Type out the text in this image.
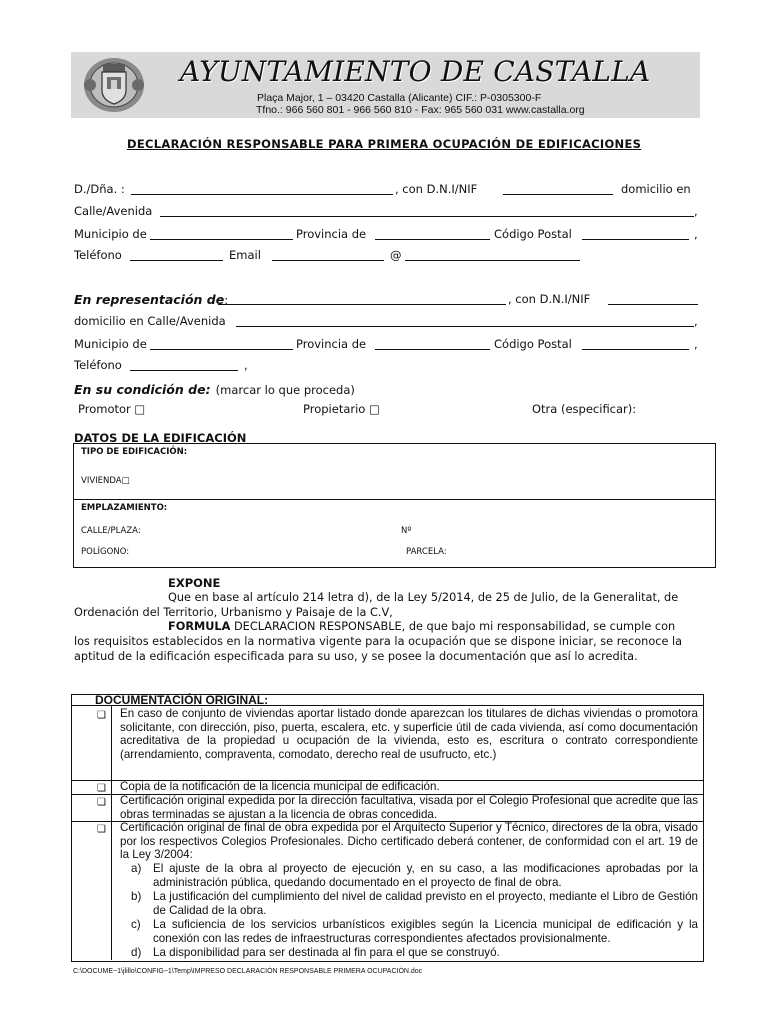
AYUNTAMIENTO DE CASTALLA
Plaça Major, 1 – 03420 Castalla (Alicante) CIF.: P-0305300-F
Tfno.: 966 560 801 - 966 560 810 - Fax: 965 560 031 www.castalla.org
DECLARACIÓN RESPONSABLE PARA PRIMERA OCUPACIÓN DE EDIFICACIONES
D./Dña. :	, con D.N.I/NIF	domicilio en
Calle/Avenida	,
Municipio de	Provincia de	Código Postal	,
Teléfono	Email	@
En representación de:	, con D.N.I/NIF
domicilio en Calle/Avenida	,
Municipio de	Provincia de	Código Postal	,
Teléfono	,
En su condición de: (marcar lo que proceda)
Promotor □	Propietario □	Otra (especificar):
DATOS DE LA EDIFICACIÓN
TIPO DE EDIFICACIÓN:
VIVIENDA□
EMPLAZAMIENTO:
CALLE/PLAZA:	Nº
POLÍGONO:	PARCELA:
EXPONE
Que en base al artículo 214 letra d), de la Ley 5/2014, de 25 de Julio, de la Generalitat, de
Ordenación del Territorio, Urbanismo y Paisaje de la C.V,
FORMULA DECLARACION RESPONSABLE, de que bajo mi responsabilidad, se cumple con
los requisitos establecidos en la normativa vigente para la ocupación que se dispone iniciar, se reconoce la
aptitud de la edificación especificada para su uso, y se posee la documentación que así lo acredita.
DOCUMENTACIÓN ORIGINAL:
❑ En caso de conjunto de viviendas aportar listado donde aparezcan los titulares de dichas viviendas o promotora solicitante, con dirección, piso, puerta, escalera, etc. y superficie útil de cada vivienda, así como documentación acreditativa de la propiedad u ocupación de la vivienda, esto es, escritura o contrato correspondiente (arrendamiento, compraventa, comodato, derecho real de usufructo, etc.)
❑ Copia de la notificación de la licencia municipal de edificación.
❑ Certificación original expedida por la dirección facultativa, visada por el Colegio Profesional que acredite que las obras terminadas se ajustan a la licencia de obras concedida.
❑ Certificación original de final de obra expedida por el Arquitecto Superior y Técnico, directores de la obra, visado por los respectivos Colegios Profesionales. Dicho certificado deberá contener, de conformidad con el art. 19 de la Ley 3/2004:
a)	El ajuste de la obra al proyecto de ejecución y, en su caso, a las modificaciones aprobadas por la administración pública, quedando documentado en el proyecto de final de obra.
b)	La justificación del cumplimiento del nivel de calidad previsto en el proyecto, mediante el Libro de Gestión de Calidad de la obra.
c)	La suficiencia de los servicios urbanísticos exigibles según la Licencia municipal de edificación y la conexión con las redes de infraestructuras correspondientes afectados provisionalmente.
d)	La disponibilidad para ser destinada al fin para el que se construyó.
C:\DOCUME~1\jlillo\CONFIG~1\Temp\IMPRESO DECLARACIÓN RESPONSABLE PRIMERA OCUPACIÓN.doc
